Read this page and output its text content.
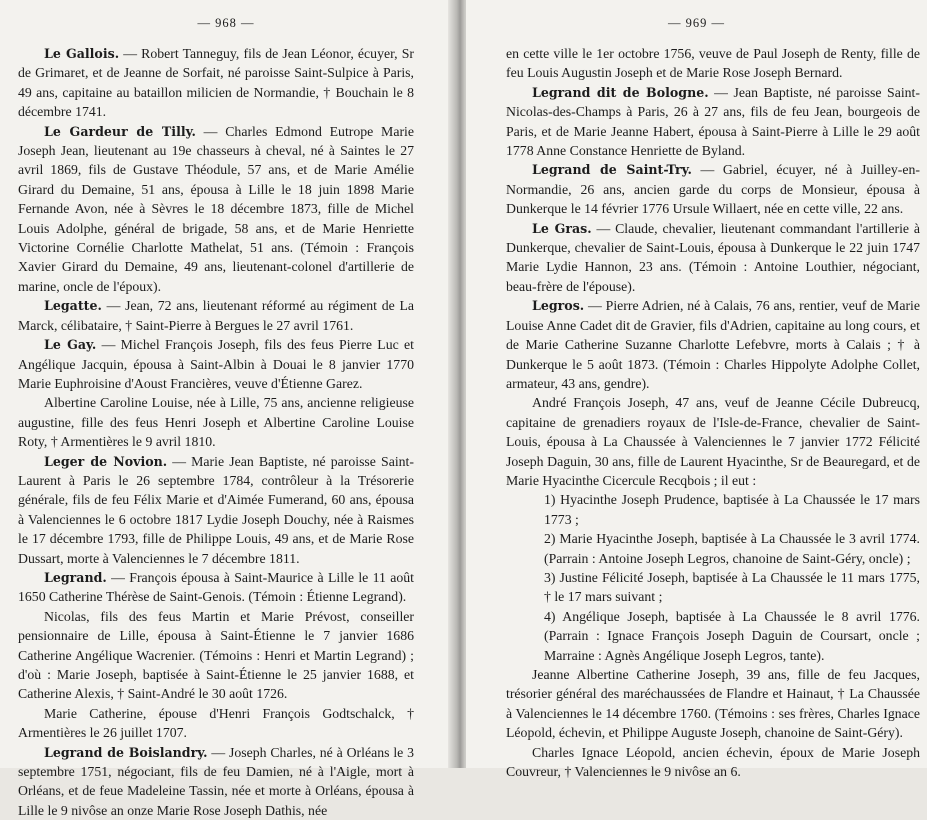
— 968 —

Le Gallois. — Robert Tanneguy, fils de Jean Léonor, écuyer, Sr de Grimaret, et de Jeanne de Sorfait, né paroisse Saint-Sulpice à Paris, 49 ans, capitaine au bataillon milicien de Normandie, † Bouchain le 8 décembre 1741.

Le Gardeur de Tilly. — Charles Edmond Eutrope Marie Joseph Jean, lieutenant au 19e chasseurs à cheval, né à Saintes le 27 avril 1869, fils de Gustave Théodule, 57 ans, et de Marie Amélie Girard du Demaine, 51 ans, épousa à Lille le 18 juin 1898 Marie Fernande Avon, née à Sèvres le 18 décembre 1873, fille de Michel Louis Adolphe, général de brigade, 58 ans, et de Marie Henriette Victorine Cornélie Charlotte Mathelat, 51 ans. (Témoin : François Xavier Girard du Demaine, 49 ans, lieutenant-colonel d'artillerie de marine, oncle de l'époux).

Legatte. — Jean, 72 ans, lieutenant réformé au régiment de La Marck, célibataire, † Saint-Pierre à Bergues le 27 avril 1761.

Le Gay. — Michel François Joseph, fils des feus Pierre Luc et Angélique Jacquin, épousa à Saint-Albin à Douai le 8 janvier 1770 Marie Euphroisine d'Aoust Francières, veuve d'Étienne Garez.

Albertine Caroline Louise, née à Lille, 75 ans, ancienne religieuse augustine, fille des feus Henri Joseph et Albertine Caroline Louise Roty, † Armentières le 9 avril 1810.

Leger de Novion. — Marie Jean Baptiste, né paroisse Saint-Laurent à Paris le 26 septembre 1784, contrôleur à la Trésorerie générale, fils de feu Félix Marie et d'Aimée Fumerand, 60 ans, épousa à Valenciennes le 6 octobre 1817 Lydie Joseph Douchy, née à Raismes le 17 décembre 1793, fille de Philippe Louis, 49 ans, et de Marie Rose Dussart, morte à Valenciennes le 7 décembre 1811.

Legrand. — François épousa à Saint-Maurice à Lille le 11 août 1650 Catherine Thérèse de Saint-Genois. (Témoin : Étienne Legrand).

Nicolas, fils des feus Martin et Marie Prévost, conseiller pensionnaire de Lille, épousa à Saint-Étienne le 7 janvier 1686 Catherine Angélique Wacrenier. (Témoins : Henri et Martin Legrand) ; d'où : Marie Joseph, baptisée à Saint-Étienne le 25 janvier 1688, et Catherine Alexis, † Saint-André le 30 août 1726.

Marie Catherine, épouse d'Henri François Godtschalck, † Armentières le 26 juillet 1707.

Legrand de Boislandry. — Joseph Charles, né à Orléans le 3 septembre 1751, négociant, fils de feu Damien, né à l'Aigle, mort à Orléans, et de feue Madeleine Tassin, née et morte à Orléans, épousa à Lille le 9 nivôse an onze Marie Rose Joseph Dathis, née

— 969 —

en cette ville le 1er octobre 1756, veuve de Paul Joseph de Renty, fille de feu Louis Augustin Joseph et de Marie Rose Joseph Bernard.

Legrand dit de Bologne. — Jean Baptiste, né paroisse Saint-Nicolas-des-Champs à Paris, 26 à 27 ans, fils de feu Jean, bourgeois de Paris, et de Marie Jeanne Habert, épousa à Saint-Pierre à Lille le 29 août 1778 Anne Constance Henriette de Byland.

Legrand de Saint-Try. — Gabriel, écuyer, né à Juilley-en-Normandie, 26 ans, ancien garde du corps de Monsieur, épousa à Dunkerque le 14 février 1776 Ursule Willaert, née en cette ville, 22 ans.

Le Gras. — Claude, chevalier, lieutenant commandant l'artillerie à Dunkerque, chevalier de Saint-Louis, épousa à Dunkerque le 22 juin 1747 Marie Lydie Hannon, 23 ans. (Témoin : Antoine Louthier, négociant, beau-frère de l'épouse).

Legros. — Pierre Adrien, né à Calais, 76 ans, rentier, veuf de Marie Louise Anne Cadet dit de Gravier, fils d'Adrien, capitaine au long cours, et de Marie Catherine Suzanne Charlotte Lefebvre, morts à Calais ; † à Dunkerque le 5 août 1873. (Témoin : Charles Hippolyte Adolphe Collet, armateur, 43 ans, gendre).

André François Joseph, 47 ans, veuf de Jeanne Cécile Dubreucq, capitaine de grenadiers royaux de l'Isle-de-France, chevalier de Saint-Louis, épousa à La Chaussée à Valenciennes le 7 janvier 1772 Félicité Joseph Daguin, 30 ans, fille de Laurent Hyacinthe, Sr de Beauregard, et de Marie Hyacinthe Cicercule Recqbois ; il eut :

1) Hyacinthe Joseph Prudence, baptisée à La Chaussée le 17 mars 1773 ;
2) Marie Hyacinthe Joseph, baptisée à La Chaussée le 3 avril 1774. (Parrain : Antoine Joseph Legros, chanoine de Saint-Géry, oncle) ;
3) Justine Félicité Joseph, baptisée à La Chaussée le 11 mars 1775, † le 17 mars suivant ;
4) Angélique Joseph, baptisée à La Chaussée le 8 avril 1776. (Parrain : Ignace François Joseph Daguin de Coursart, oncle ; Marraine : Agnès Angélique Joseph Legros, tante).

Jeanne Albertine Catherine Joseph, 39 ans, fille de feu Jacques, trésorier général des maréchaussées de Flandre et Hainaut, † La Chaussée à Valenciennes le 14 décembre 1760. (Témoins : ses frères, Charles Ignace Léopold, échevin, et Philippe Auguste Joseph, chanoine de Saint-Géry).

Charles Ignace Léopold, ancien échevin, époux de Marie Joseph Couvreur, † Valenciennes le 9 nivôse an 6.
